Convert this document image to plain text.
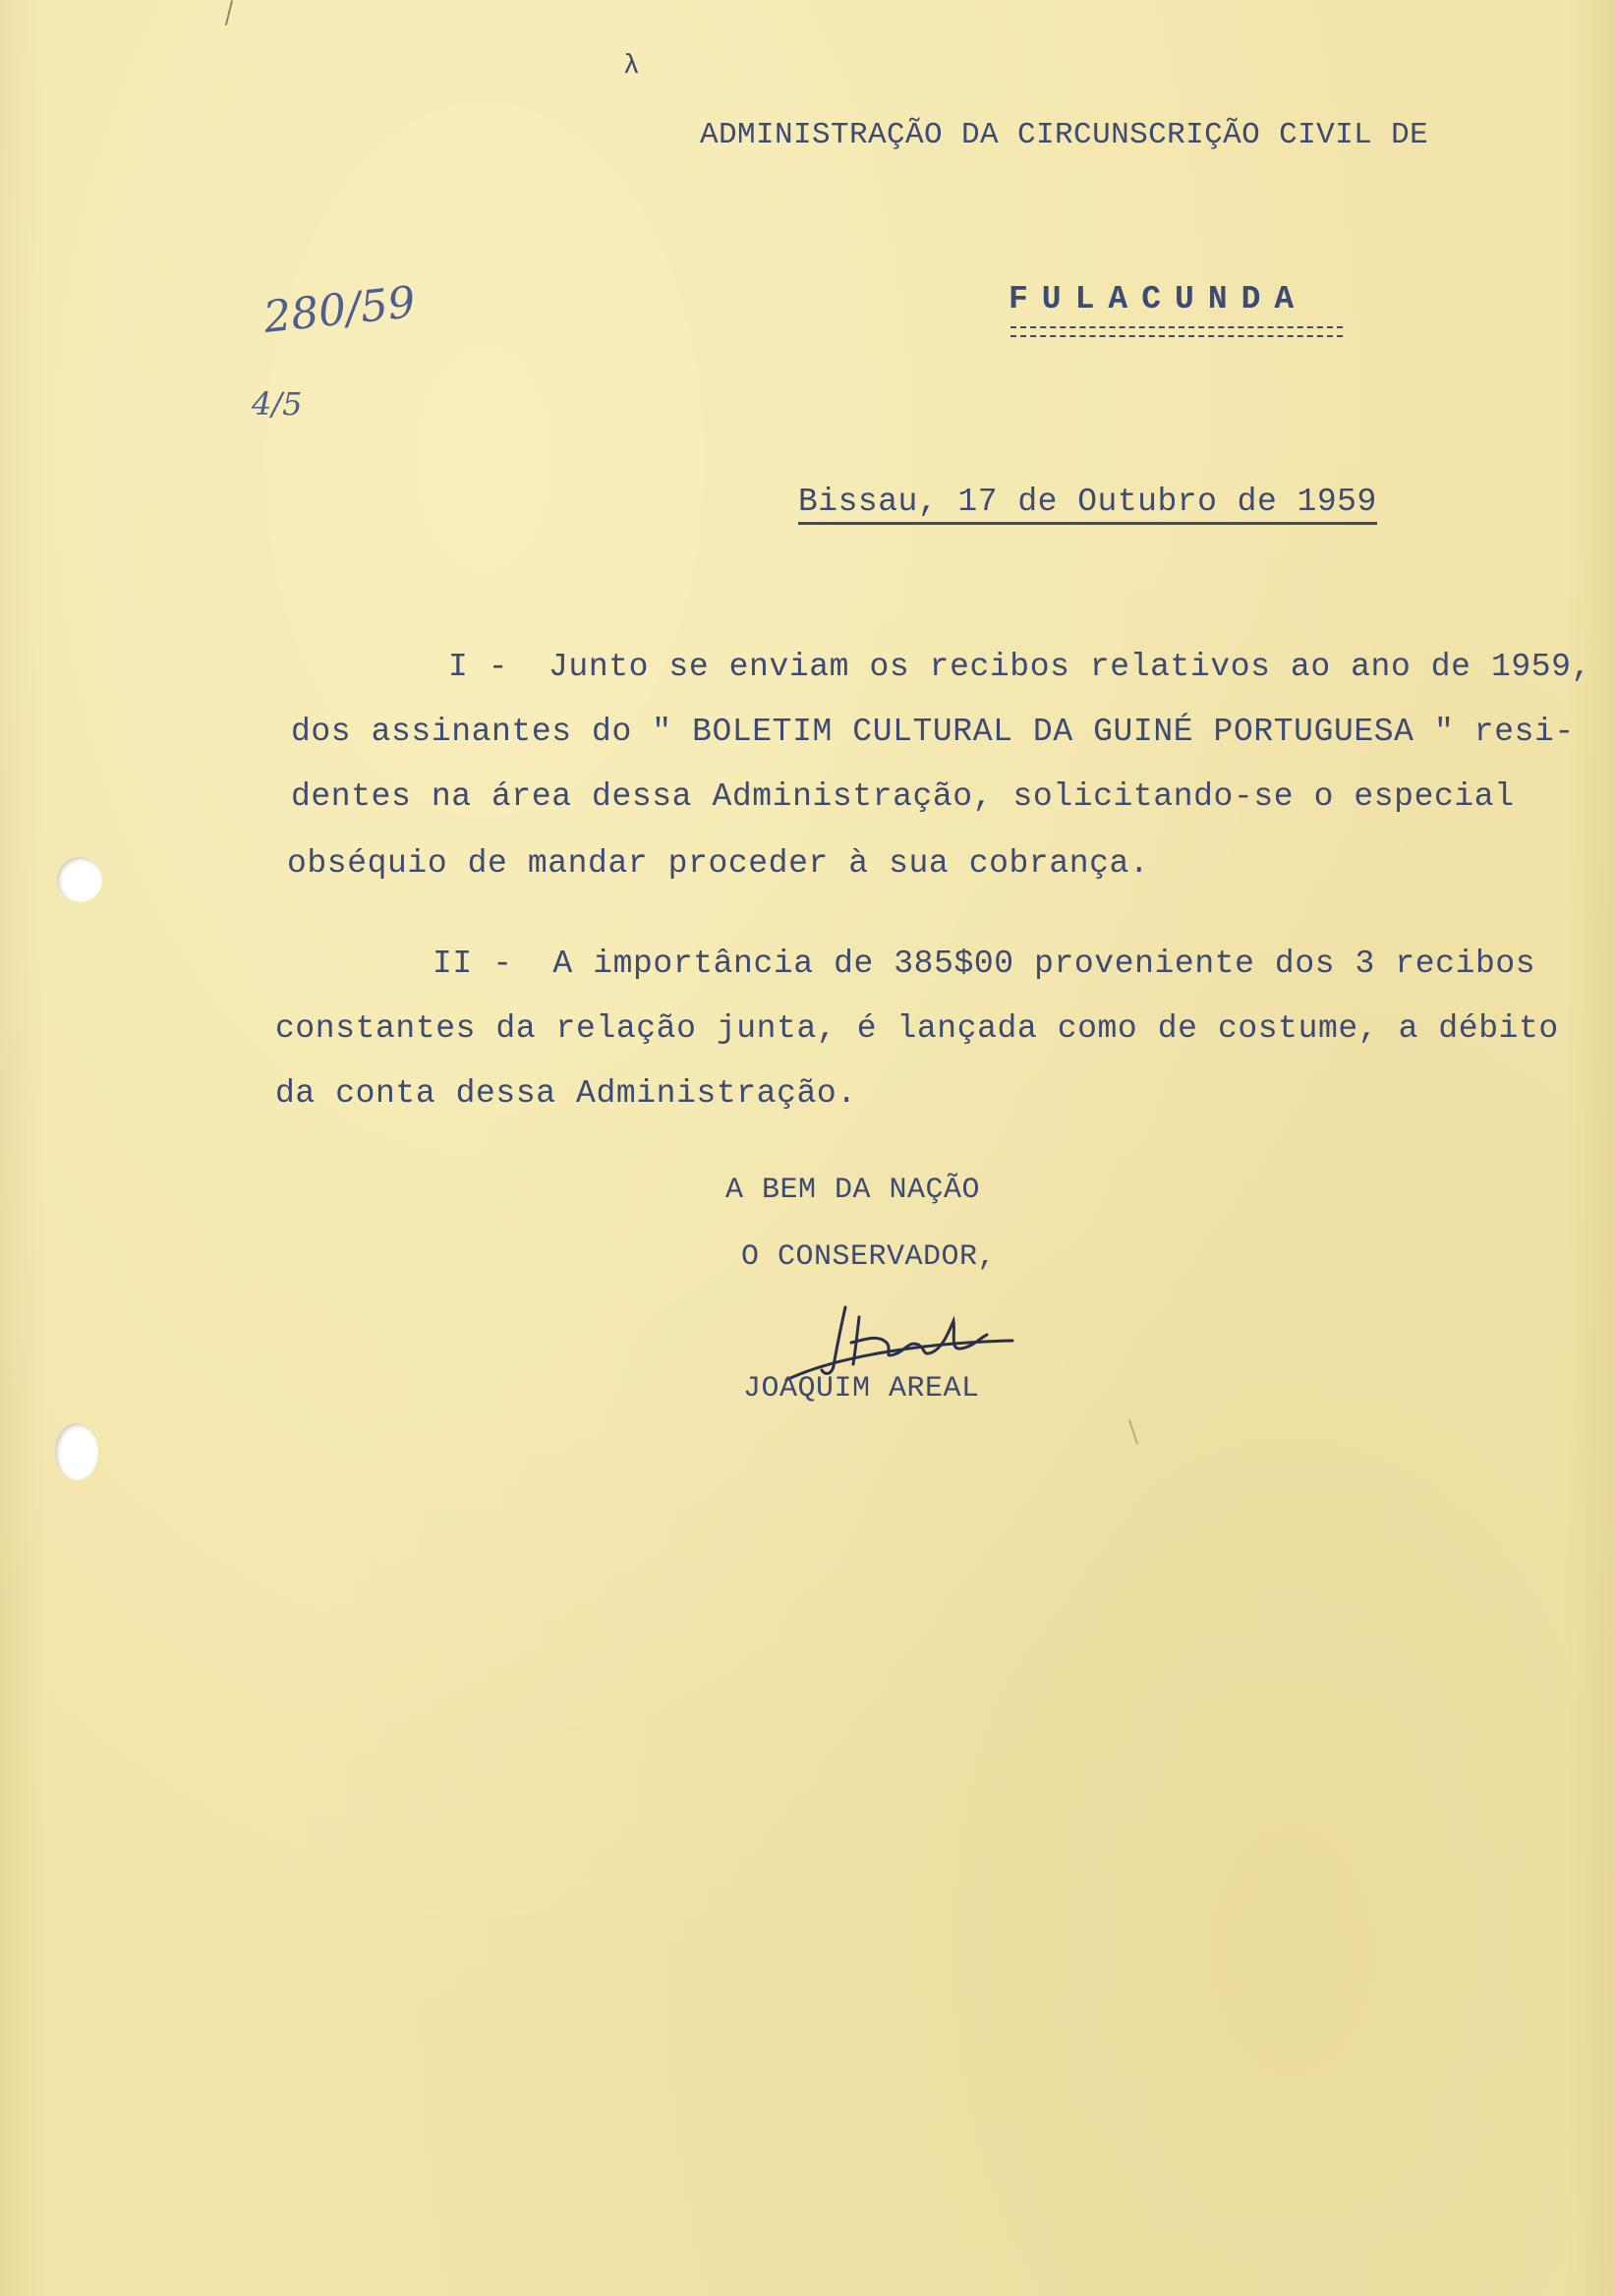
λ
ADMINISTRAÇÃO DA CIRCUNSCRIÇÃO CIVIL DE
FULACUNDA
280/59
4/5
Bissau, 17 de Outubro de 1959
I -  Junto se enviam os recibos relativos ao ano de 1959,
dos assinantes do " BOLETIM CULTURAL DA GUINÉ PORTUGUESA " resi-
dentes na área dessa Administração, solicitando-se o especial
obséquio de mandar proceder à sua cobrança.
II -  A importância de 385$00 proveniente dos 3 recibos
constantes da relação junta, é lançada como de costume, a débito
da conta dessa Administração.
A BEM DA NAÇÃO
O CONSERVADOR,
JOAQUIM AREAL
